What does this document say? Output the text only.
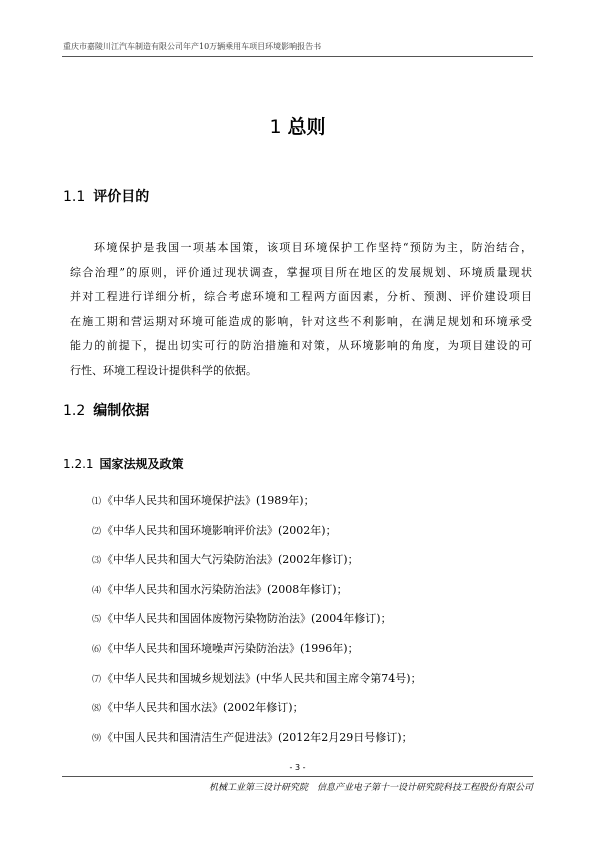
重庆市嘉陵川江汽车制造有限公司年产10万辆乘用车项目环境影响报告书
1 总则
1.1 评价目的
环境保护是我国一项基本国策，该项目环境保护工作坚持“预防为主，防治结合，
综合治理”的原则，评价通过现状调查，掌握项目所在地区的发展规划、环境质量现状
并对工程进行详细分析，综合考虑环境和工程两方面因素，分析、预测、评价建设项目
在施工期和营运期对环境可能造成的影响，针对这些不利影响，在满足规划和环境承受
能力的前提下，提出切实可行的防治措施和对策，从环境影响的角度，为项目建设的可
行性、环境工程设计提供科学的依据。
1.2 编制依据
1.2.1 国家法规及政策
⑴《中华人民共和国环境保护法》(1989年)；
⑵《中华人民共和国环境影响评价法》(2002年)；
⑶《中华人民共和国大气污染防治法》(2002年修订)；
⑷《中华人民共和国水污染防治法》(2008年修订)；
⑸《中华人民共和国固体废物污染物防治法》(2004年修订)；
⑹《中华人民共和国环境噪声污染防治法》(1996年)；
⑺《中华人民共和国城乡规划法》(中华人民共和国主席令第74号)；
⑻《中华人民共和国水法》(2002年修订)；
⑼《中国人民共和国清洁生产促进法》(2012年2月29日号修订)；
- 3 -
机械工业第三设计研究院　信息产业电子第十一设计研究院科技工程股份有限公司
